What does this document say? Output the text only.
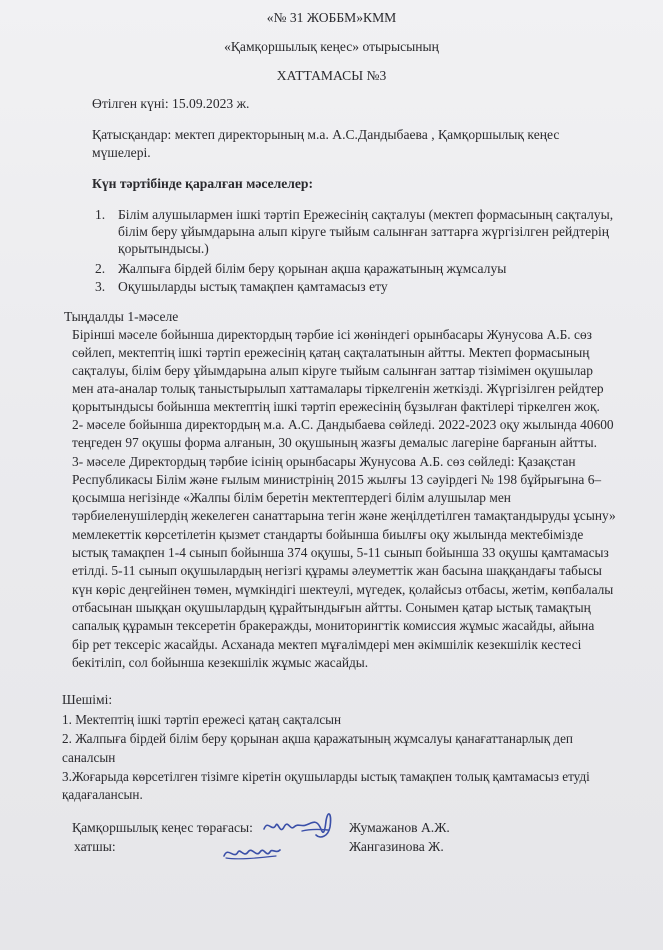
«№ 31 ЖОББМ»КММ
«Қамқоршылық кеңес» отырысының
ХАТТАМАСЫ №3
Өтілген күні: 15.09.2023 ж.
Қатысқандар: мектеп директорының м.а. А.С.Дандыбаева , Қамқоршылық кеңес
мүшелері.
Күн тәртібінде қаралған мәселелер:
1. Білім алушылармен ішкі тәртіп Ережесінің сақталуы (мектеп формасының сақталуы,
білім беру ұйымдарына алып кіруге тыйым салынған заттарға жүргізілген рейдтерің
қорытындысы.)
2. Жалпыға бірдей білім беру қорынан ақша қаражатының жұмсалуы
3. Оқушыларды ыстық тамақпен қамтамасыз ету
Тыңдалды 1-мәселе
Бірінші мәселе бойынша директордың тәрбие ісі жөніндегі орынбасары Жунусова А.Б. сөз
сөйлеп, мектептің ішкі тәртіп ережесінің қатаң сақталатынын айтты. Мектеп формасының
сақталуы, білім беру ұйымдарына алып кіруге тыйым салынған заттар тізімімен оқушылар
мен ата-аналар толық таныстырылып хаттамалары тіркелгенін жеткізді. Жүргізілген рейдтер
қорытындысы бойынша мектептің ішкі тәртіп ережесінің бұзылған фактілері тіркелген жоқ.
2- мәселе бойынша директордың м.а. А.С. Дандыбаева сөйледі. 2022-2023 оқу жылында 40600
теңгеден 97 оқушы форма алғанын, 30 оқушының жазғы демалыс лагеріне барғанын айтты.
3- мәселе Директордың тәрбие ісінің орынбасары Жунусова А.Б. сөз сөйледі: Қазақстан
Республикасы Білім және ғылым министрінің 2015 жылғы 13 сәуірдегі № 198 бұйрығына 6–
қосымша негізінде «Жалпы білім беретін мектептердегі білім алушылар мен
тәрбиеленушілердің жекелеген санаттарына тегін және жеңілдетілген тамақтандыруды ұсыну»
мемлекеттік көрсетілетін қызмет стандарты бойынша биылғы оқу жылында мектебімізде
ыстық тамақпен 1-4 сынып бойынша 374 оқушы, 5-11 сынып бойынша 33 оқушы қамтамасыз
етілді. 5-11 сынып оқушылардың негізгі құрамы әлеуметтік жан басына шаққандағы табысы
күн көріс деңгейінен төмен, мүмкіндігі шектеулі, мүгедек, қолайсыз отбасы, жетім, көпбалалы
отбасынан шыққан оқушылардың құрайтындығын айтты. Сонымен қатар ыстық тамақтың
сапалық құрамын тексеретін бракеражды, мониторингтік комиссия жұмыс жасайды, айына
бір рет тексеріс жасайды. Асханада мектеп мұғалімдері мен әкімшілік кезекшілік кестесі
бекітіліп, сол бойынша кезекшілік жұмыс жасайды.
Шешімі:
1. Мектептің ішкі тәртіп ережесі қатаң сақталсын
2. Жалпыға бірдей білім беру қорынан ақша қаражатының жұмсалуы қанағаттанарлық деп
саналсын
3.Жоғарыда көрсетілген тізімге кіретін оқушыларды ыстық тамақпен толық қамтамасыз етуді
қадағалансын.
Қамқоршылық кеңес төрағасы:	Жумажанов А.Ж.
хатшы:	Жангазинова Ж.
